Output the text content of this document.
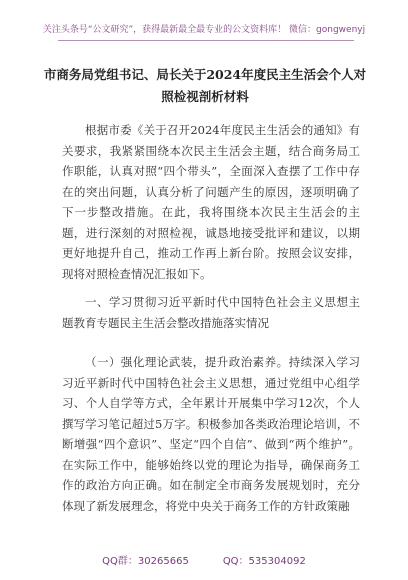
关注头条号“公文研究”，获得最新最全最专业的公文资料库！ 微信：gongwenyj
市商务局党组书记、局长关于2024年度民主生活会个人对
照检视剖析材料

根据市委《关于召开2024年度民主生活会的通知》有关要求，我紧紧围绕本次民主生活会主题，结合商务局工作职能，认真对照“四个带头”，全面深入查摆了工作中存在的突出问题，认真分析了问题产生的原因，逐项明确了下一步整改措施。在此，我将围绕本次民主生活会的主题，进行深刻的对照检视，诚恳地接受批评和建议，以期更好地提升自己，推动工作再上新台阶。按照会议安排，现将对照检查情况汇报如下。

一、学习贯彻习近平新时代中国特色社会主义思想主题教育专题民主生活会整改措施落实情况

（一）强化理论武装，提升政治素养。持续深入学习习近平新时代中国特色社会主义思想，通过党组中心组学习、个人自学等方式，全年累计开展集中学习12次，个人撰写学习笔记超过5万字。积极参加各类政治理论培训，不断增强“四个意识”、坚定“四个自信”、做到“两个维护”。在实际工作中，能够始终以党的理论为指导，确保商务工作的政治方向正确。如在制定全市商务发展规划时，充分体现了新发展理念，将党中央关于商务工作的方针政策融

QQ群：30265665	QQ：535304092
